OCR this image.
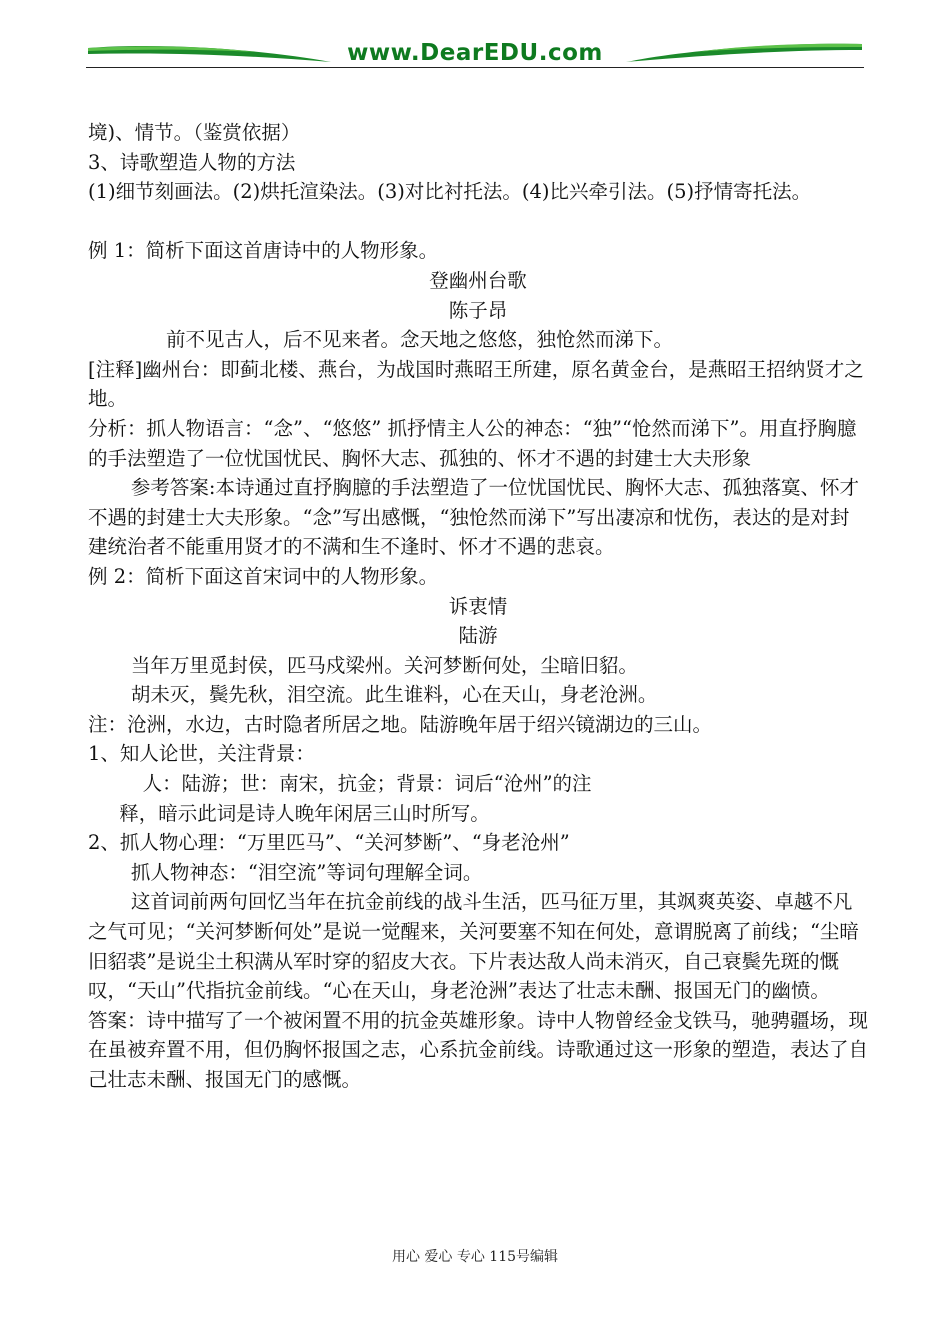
www.DearEDU.com

境)、情节。（鉴赏依据）

3、诗歌塑造人物的方法

(1)细节刻画法。(2)烘托渲染法。(3)对比衬托法。(4)比兴牵引法。(5)抒情寄托法。

例 1：简析下面这首唐诗中的人物形象。

登幽州台歌

陈子昂

前不见古人，后不见来者。念天地之悠悠，独怆然而涕下。

[注释]幽州台：即蓟北楼、燕台，为战国时燕昭王所建，原名黄金台，是燕昭王招纳贤才之地。

分析：抓人物语言：“念”、“悠悠” 抓抒情主人公的神态：“独”“怆然而涕下”。用直抒胸臆的手法塑造了一位忧国忧民、胸怀大志、孤独的、怀才不遇的封建士大夫形象

参考答案:本诗通过直抒胸臆的手法塑造了一位忧国忧民、胸怀大志、孤独落寞、怀才不遇的封建士大夫形象。“念”写出感慨，“独怆然而涕下”写出凄凉和忧伤，表达的是对封建统治者不能重用贤才的不满和生不逢时、怀才不遇的悲哀。

例 2：简析下面这首宋词中的人物形象。

诉衷情

陆游

当年万里觅封侯，匹马戍梁州。关河梦断何处，尘暗旧貂。

胡未灭，鬓先秋，泪空流。此生谁料，心在天山，身老沧洲。

注：沧洲，水边，古时隐者所居之地。陆游晚年居于绍兴镜湖边的三山。

1、知人论世，关注背景：

人：陆游；世：南宋，抗金；背景：词后“沧州”的注

释，暗示此词是诗人晚年闲居三山时所写。

2、抓人物心理：“万里匹马”、“关河梦断”、“身老沧州”

抓人物神态：“泪空流”等词句理解全词。

这首词前两句回忆当年在抗金前线的战斗生活，匹马征万里，其飒爽英姿、卓越不凡之气可见；“关河梦断何处”是说一觉醒来，关河要塞不知在何处，意谓脱离了前线；“尘暗旧貂裘”是说尘土积满从军时穿的貂皮大衣。下片表达敌人尚未消灭，自己衰鬓先斑的慨叹，“天山”代指抗金前线。“心在天山，身老沧洲”表达了壮志未酬、报国无门的幽愤。

答案：诗中描写了一个被闲置不用的抗金英雄形象。诗中人物曾经金戈铁马，驰骋疆场，现在虽被弃置不用，但仍胸怀报国之志，心系抗金前线。诗歌通过这一形象的塑造，表达了自己壮志未酬、报国无门的感慨。

用心 爱心 专心 115号编辑
